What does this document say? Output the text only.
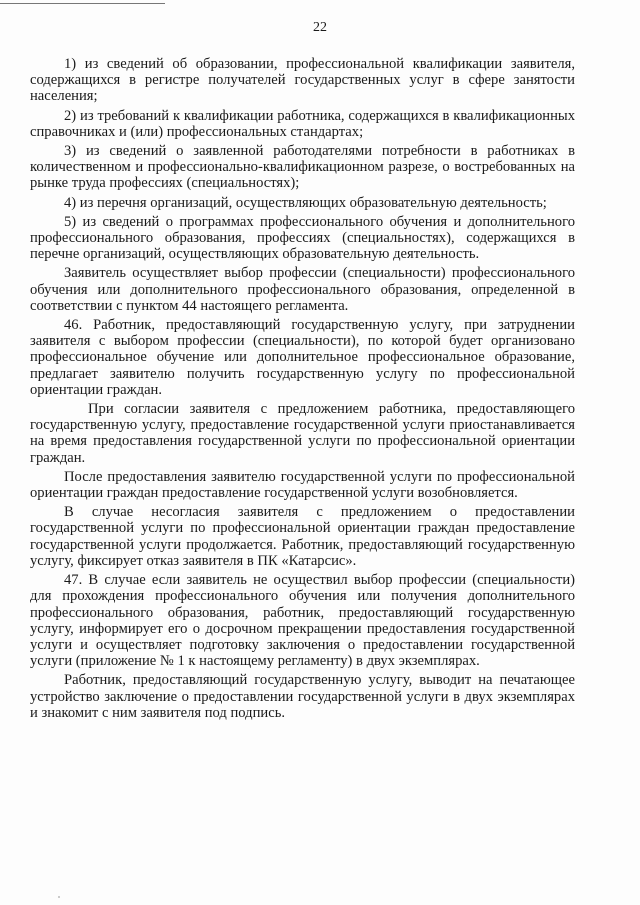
22

1) из сведений об образовании, профессиональной квалификации заявителя, содержащихся в регистре получателей государственных услуг в сфере занятости населения;

2) из требований к квалификации работника, содержащихся в квалификационных справочниках и (или) профессиональных стандартах;

3) из сведений о заявленной работодателями потребности в работниках в количественном и профессионально-квалификационном разрезе, о востребованных на рынке труда профессиях (специальностях);

4) из перечня организаций, осуществляющих образовательную деятельность;

5) из сведений о программах профессионального обучения и дополнительного профессионального образования, профессиях (специальностях), содержащихся в перечне организаций, осуществляющих образовательную деятельность.

Заявитель осуществляет выбор профессии (специальности) профессионального обучения или дополнительного профессионального образования, определенной в соответствии с пунктом 44 настоящего регламента.

46. Работник, предоставляющий государственную услугу, при затруднении заявителя с выбором профессии (специальности), по которой будет организовано профессиональное обучение или дополнительное профессиональное образование, предлагает заявителю получить государственную услугу по профессиональной ориентации граждан.

При согласии заявителя с предложением работника, предоставляющего государственную услугу, предоставление государственной услуги приостанавливается на время предоставления государственной услуги по профессиональной ориентации граждан.

После предоставления заявителю государственной услуги по профессиональной ориентации граждан предоставление государственной услуги возобновляется.

В случае несогласия заявителя с предложением о предоставлении государственной услуги по профессиональной ориентации граждан предоставление государственной услуги продолжается. Работник, предоставляющий государственную услугу, фиксирует отказ заявителя в ПК «Катарсис».

47. В случае если заявитель не осуществил выбор профессии (специальности) для прохождения профессионального обучения или получения дополнительного профессионального образования, работник, предоставляющий государственную услугу, информирует его о досрочном прекращении предоставления государственной услуги и осуществляет подготовку заключения о предоставлении государственной услуги (приложение № 1 к настоящему регламенту) в двух экземплярах.

Работник, предоставляющий государственную услугу, выводит на печатающее устройство заключение о предоставлении государственной услуги в двух экземплярах и знакомит с ним заявителя под подпись.
